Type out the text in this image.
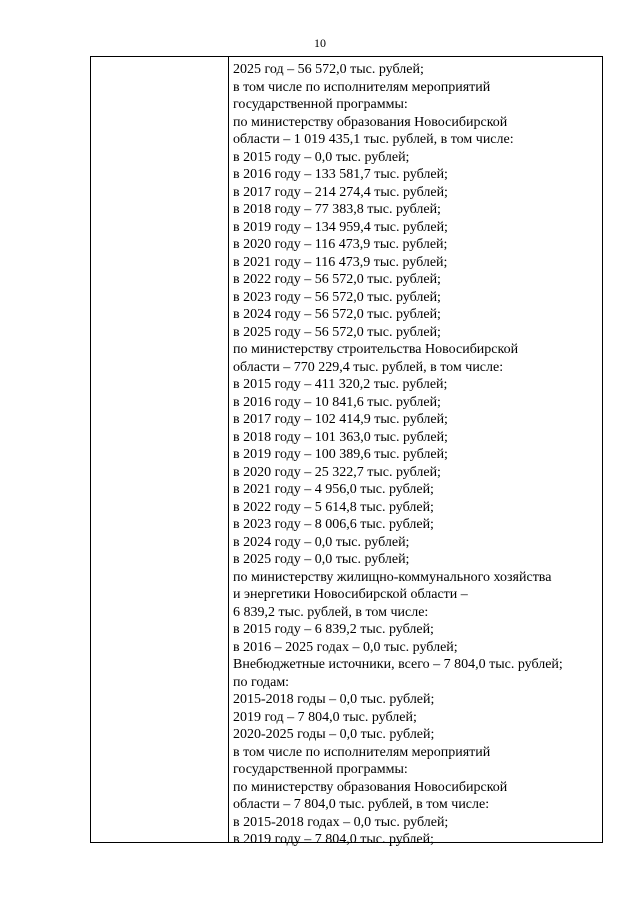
10
2025 год – 56 572,0 тыс. рублей;
в том числе по исполнителям мероприятий
государственной программы:
по министерству образования Новосибирской
области – 1 019 435,1 тыс. рублей, в том числе:
в 2015 году – 0,0 тыс. рублей;
в 2016 году – 133 581,7 тыс. рублей;
в 2017 году – 214 274,4 тыс. рублей;
в 2018 году – 77 383,8 тыс. рублей;
в 2019 году – 134 959,4 тыс. рублей;
в 2020 году – 116 473,9 тыс. рублей;
в 2021 году – 116 473,9 тыс. рублей;
в 2022 году – 56 572,0 тыс. рублей;
в 2023 году – 56 572,0 тыс. рублей;
в 2024 году – 56 572,0 тыс. рублей;
в 2025 году – 56 572,0 тыс. рублей;
по министерству строительства Новосибирской
области – 770 229,4 тыс. рублей, в том числе:
в 2015 году – 411 320,2 тыс. рублей;
в 2016 году – 10 841,6 тыс. рублей;
в 2017 году – 102 414,9 тыс. рублей;
в 2018 году – 101 363,0 тыс. рублей;
в 2019 году – 100 389,6 тыс. рублей;
в 2020 году – 25 322,7 тыс. рублей;
в 2021 году – 4 956,0 тыс. рублей;
в 2022 году – 5 614,8 тыс. рублей;
в 2023 году – 8 006,6 тыс. рублей;
в 2024 году – 0,0 тыс. рублей;
в 2025 году – 0,0 тыс. рублей;
по министерству жилищно-коммунального хозяйства
и энергетики Новосибирской области –
6 839,2 тыс. рублей, в том числе:
в 2015 году – 6 839,2 тыс. рублей;
в 2016 – 2025 годах – 0,0 тыс. рублей;
Внебюджетные источники, всего – 7 804,0 тыс. рублей;
по годам:
2015-2018 годы – 0,0 тыс. рублей;
2019 год – 7 804,0 тыс. рублей;
2020-2025 годы – 0,0 тыс. рублей;
в том числе по исполнителям мероприятий
государственной программы:
по министерству образования Новосибирской
области – 7 804,0 тыс. рублей, в том числе:
в 2015-2018 годах – 0,0 тыс. рублей;
в 2019 году – 7 804,0 тыс. рублей;
